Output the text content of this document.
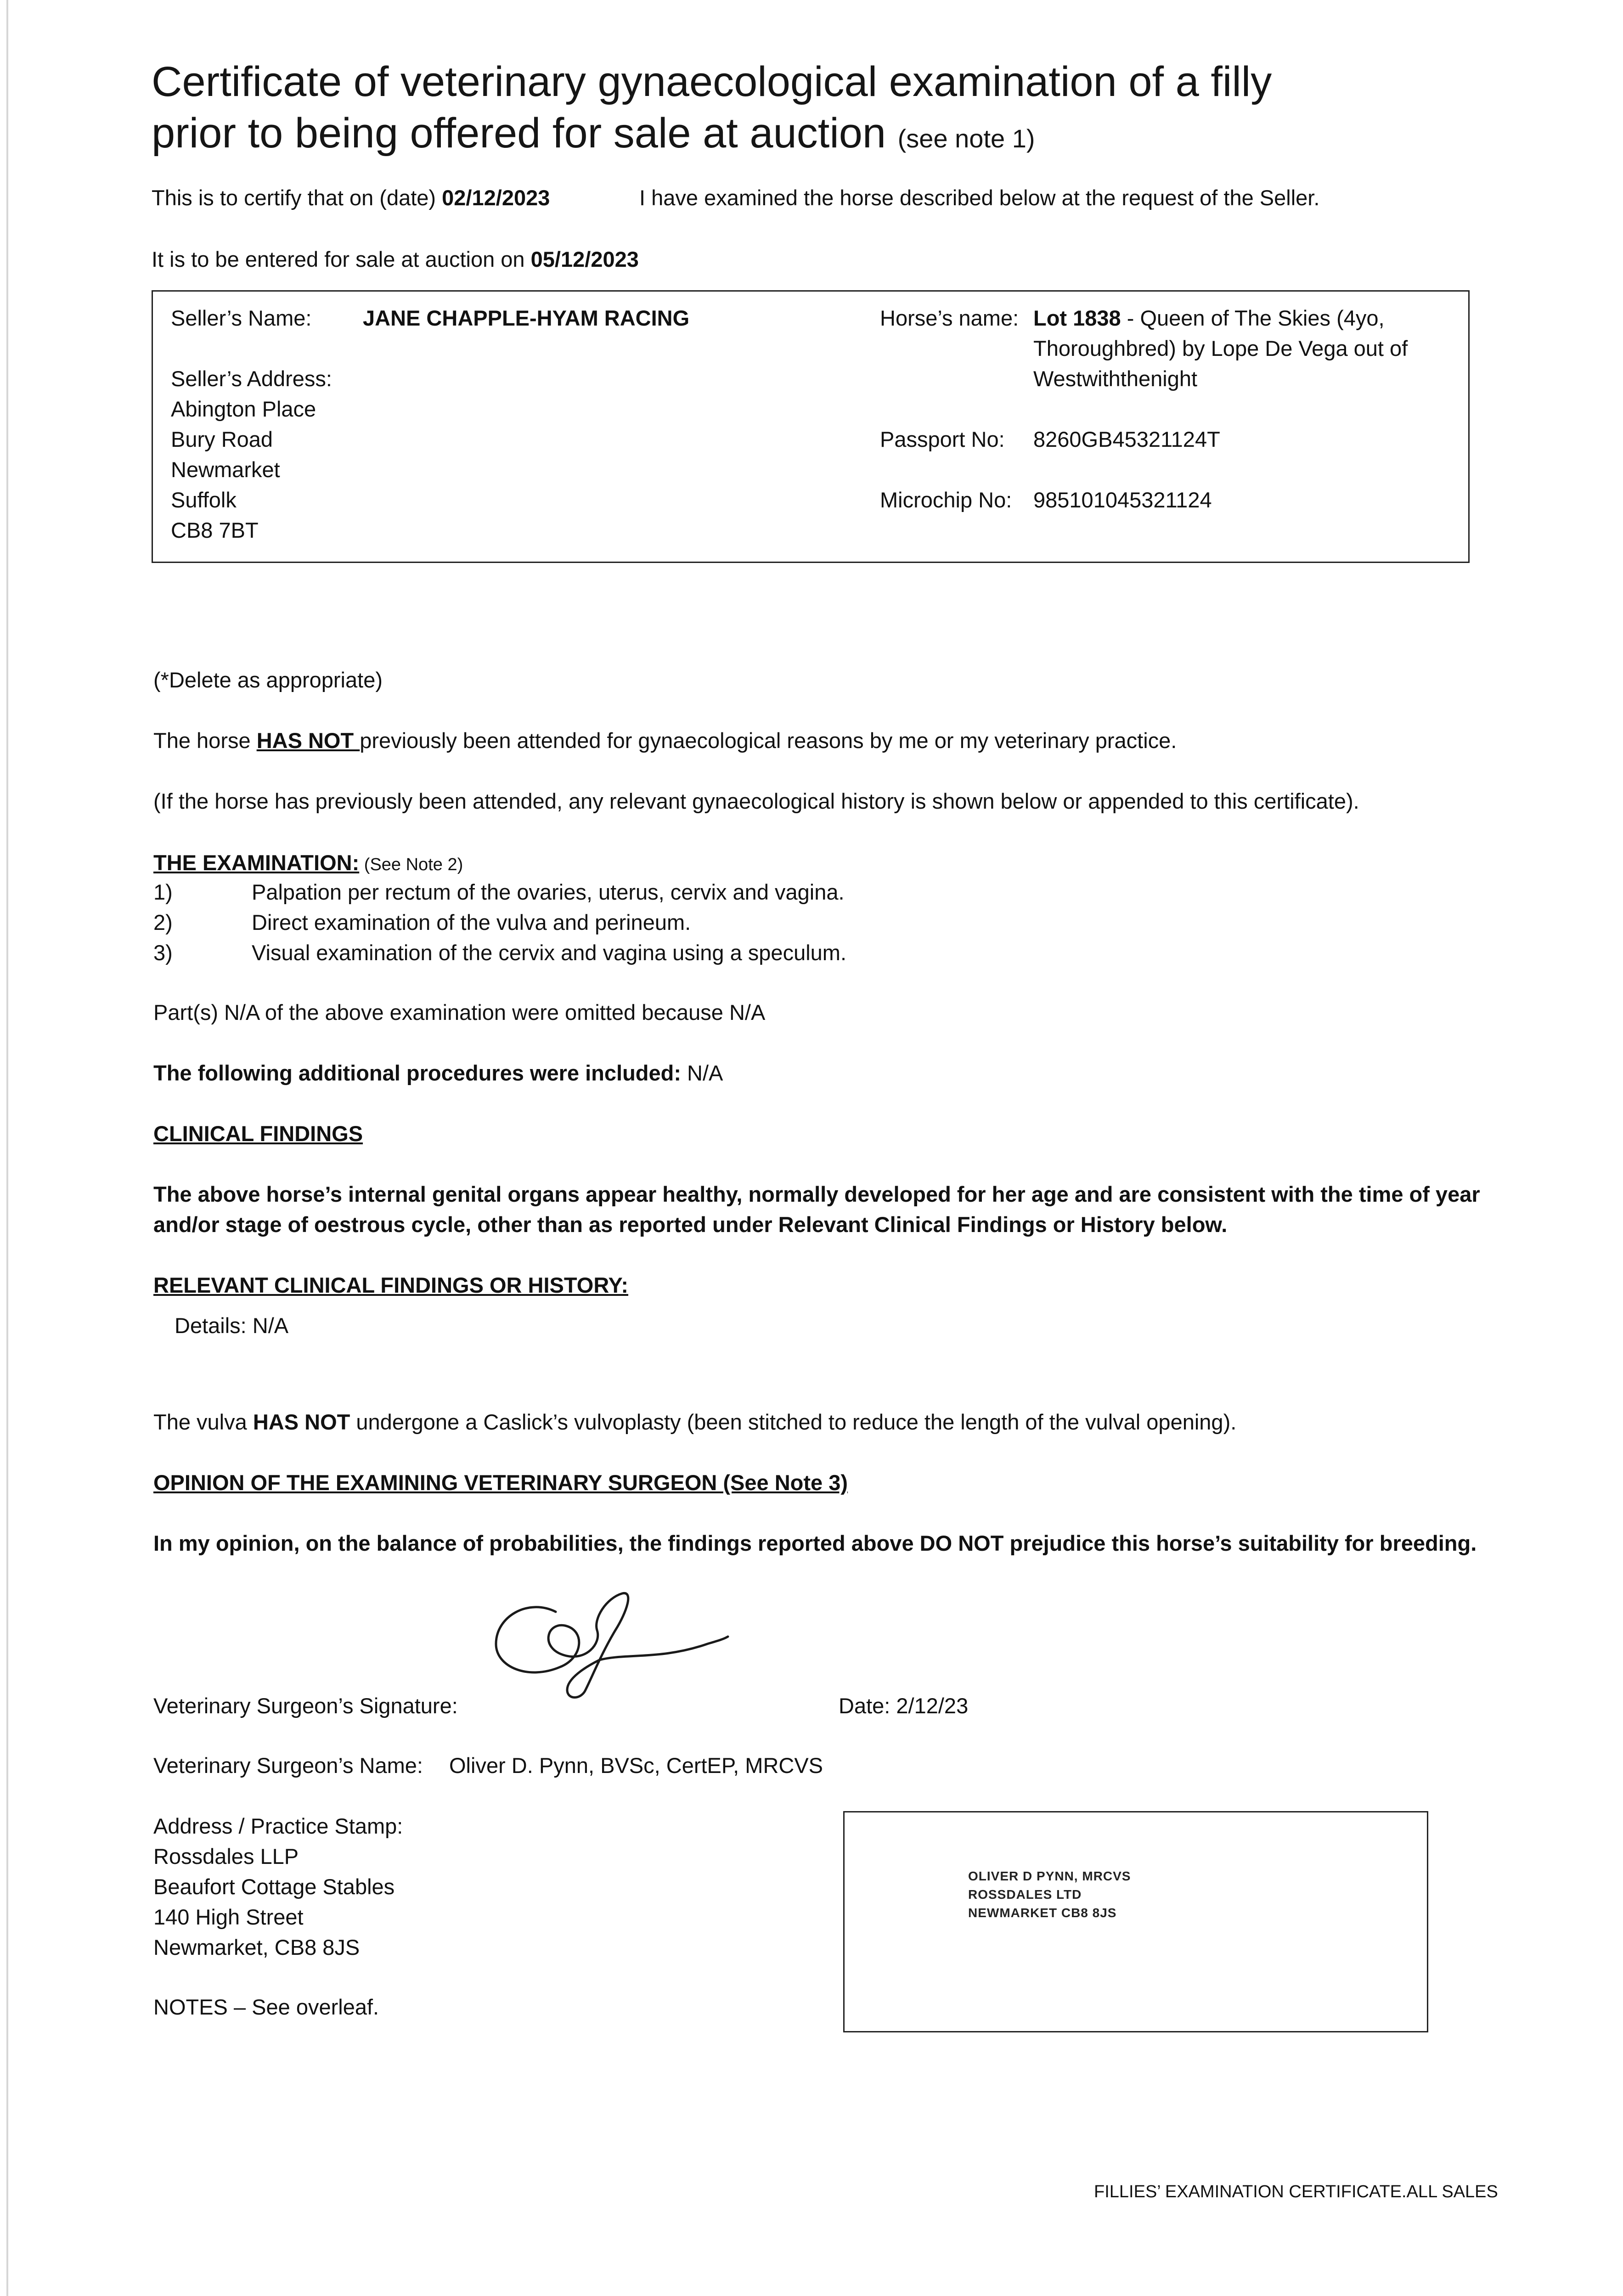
Certificate of veterinary gynaecological examination of a filly
prior to being offered for sale at auction (see note 1)
This is to certify that on (date) 02/12/2023	I have examined the horse described below at the request of the Seller.
It is to be entered for sale at auction on 05/12/2023
Seller’s Name: JANE CHAPPLE-HYAM RACING
Seller’s Address:
Abington Place
Bury Road
Newmarket
Suffolk
CB8 7BT
Horse’s name: Lot 1838 - Queen of The Skies (4yo,
Thoroughbred) by Lope De Vega out of
Westwiththenight
Passport No: 8260GB45321124T
Microchip No: 985101045321124
(*Delete as appropriate)
The horse HAS NOT previously been attended for gynaecological reasons by me or my veterinary practice.
(If the horse has previously been attended, any relevant gynaecological history is shown below or appended to this certificate).
THE EXAMINATION: (See Note 2)
1)	Palpation per rectum of the ovaries, uterus, cervix and vagina.
2)	Direct examination of the vulva and perineum.
3)	Visual examination of the cervix and vagina using a speculum.
Part(s) N/A of the above examination were omitted because N/A
The following additional procedures were included: N/A
CLINICAL FINDINGS
The above horse’s internal genital organs appear healthy, normally developed for her age and are consistent with the time of year
and/or stage of oestrous cycle, other than as reported under Relevant Clinical Findings or History below.
RELEVANT CLINICAL FINDINGS OR HISTORY:
Details: N/A
The vulva HAS NOT undergone a Caslick’s vulvoplasty (been stitched to reduce the length of the vulval opening).
OPINION OF THE EXAMINING VETERINARY SURGEON (See Note 3)
In my opinion, on the balance of probabilities, the findings reported above DO NOT prejudice this horse’s suitability for breeding.
Veterinary Surgeon’s Signature:	Date: 2/12/23
Veterinary Surgeon’s Name: Oliver D. Pynn, BVSc, CertEP, MRCVS
Address / Practice Stamp:
Rossdales LLP
Beaufort Cottage Stables
140 High Street
Newmarket, CB8 8JS
NOTES – See overleaf.
OLIVER D PYNN, MRCVS
ROSSDALES LTD
NEWMARKET CB8 8JS
FILLIES’ EXAMINATION CERTIFICATE.ALL SALES
